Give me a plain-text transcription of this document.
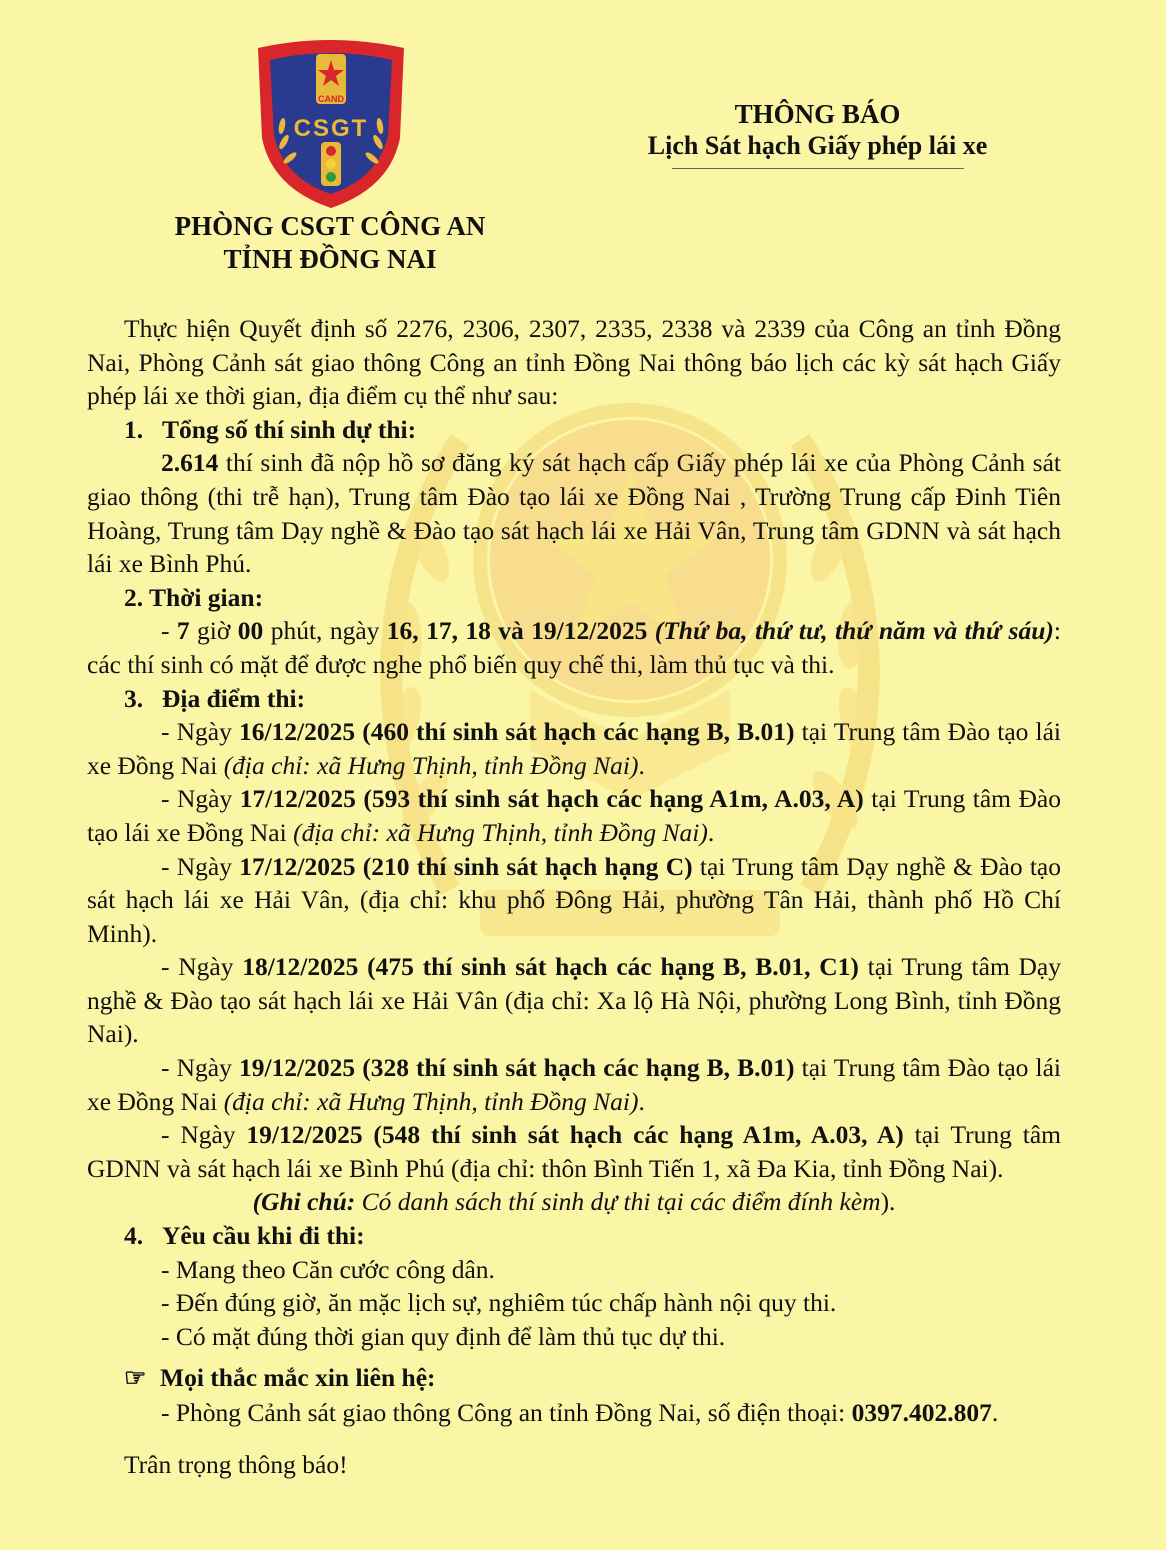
CAND
CSGT
PHÒNG CSGT CÔNG AN
TỈNH ĐỒNG NAI
THÔNG BÁO
Lịch Sát hạch Giấy phép lái xe

Thực hiện Quyết định số 2276, 2306, 2307, 2335, 2338 và 2339 của Công an tỉnh Đồng Nai, Phòng Cảnh sát giao thông Công an tỉnh Đồng Nai thông báo lịch các kỳ sát hạch Giấy phép lái xe thời gian, địa điểm cụ thể như sau:

1. Tổng số thí sinh dự thi:

2.614 thí sinh đã nộp hồ sơ đăng ký sát hạch cấp Giấy phép lái xe của Phòng Cảnh sát giao thông (thi trễ hạn), Trung tâm Đào tạo lái xe Đồng Nai , Trường Trung cấp Đinh Tiên Hoàng, Trung tâm Dạy nghề & Đào tạo sát hạch lái xe Hải Vân, Trung tâm GDNN và sát hạch lái xe Bình Phú.

2. Thời gian:

- 7 giờ 00 phút, ngày 16, 17, 18 và 19/12/2025 (Thứ ba, thứ tư, thứ năm và thứ sáu): các thí sinh có mặt để được nghe phổ biến quy chế thi, làm thủ tục và thi.

3. Địa điểm thi:

- Ngày 16/12/2025 (460 thí sinh sát hạch các hạng B, B.01) tại Trung tâm Đào tạo lái xe Đồng Nai (địa chỉ: xã Hưng Thịnh, tỉnh Đồng Nai).

- Ngày 17/12/2025 (593 thí sinh sát hạch các hạng A1m, A.03, A) tại Trung tâm Đào tạo lái xe Đồng Nai (địa chỉ: xã Hưng Thịnh, tỉnh Đồng Nai).

- Ngày 17/12/2025 (210 thí sinh sát hạch hạng C) tại Trung tâm Dạy nghề & Đào tạo sát hạch lái xe Hải Vân, (địa chỉ: khu phố Đông Hải, phường Tân Hải, thành phố Hồ Chí Minh).

- Ngày 18/12/2025 (475 thí sinh sát hạch các hạng B, B.01, C1) tại Trung tâm Dạy nghề & Đào tạo sát hạch lái xe Hải Vân (địa chỉ: Xa lộ Hà Nội, phường Long Bình, tỉnh Đồng Nai).

- Ngày 19/12/2025 (328 thí sinh sát hạch các hạng B, B.01) tại Trung tâm Đào tạo lái xe Đồng Nai (địa chỉ: xã Hưng Thịnh, tỉnh Đồng Nai).

- Ngày 19/12/2025 (548 thí sinh sát hạch các hạng A1m, A.03, A) tại Trung tâm GDNN và sát hạch lái xe Bình Phú (địa chỉ: thôn Bình Tiến 1, xã Đa Kia, tỉnh Đồng Nai).

(Ghi chú: Có danh sách thí sinh dự thi tại các điểm đính kèm).

4. Yêu cầu khi đi thi:

- Mang theo Căn cước công dân.

- Đến đúng giờ, ăn mặc lịch sự, nghiêm túc chấp hành nội quy thi.

- Có mặt đúng thời gian quy định để làm thủ tục dự thi.

☞ Mọi thắc mắc xin liên hệ:

- Phòng Cảnh sát giao thông Công an tỉnh Đồng Nai, số điện thoại: 0397.402.807.

Trân trọng thông báo!
